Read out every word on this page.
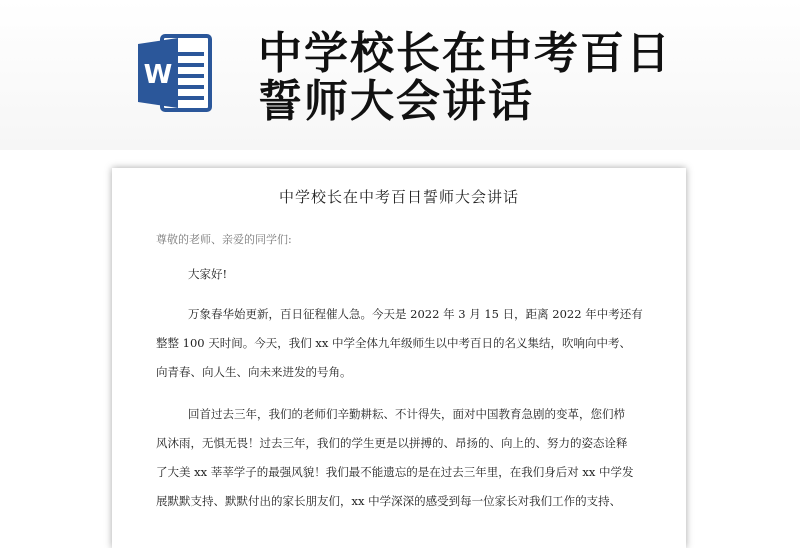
W 中学校长在中考百日
誓师大会讲话
中学校长在中考百日誓师大会讲话
尊敬的老师、亲爱的同学们:
大家好!
万象春华始更新，百日征程催人急。今天是 2022 年 3 月 15 日，距离 2022 年中考还有
整整 100 天时间。今天，我们 xx 中学全体九年级师生以中考百日的名义集结，吹响向中考、
向青春、向人生、向未来进发的号角。
回首过去三年，我们的老师们辛勤耕耘、不计得失，面对中国教育急剧的变革，您们栉
风沐雨，无惧无畏！过去三年，我们的学生更是以拼搏的、昂扬的、向上的、努力的姿态诠释
了大美 xx 莘莘学子的最强风貌！我们最不能遗忘的是在过去三年里，在我们身后对 xx 中学发
展默默支持、默默付出的家长朋友们，xx 中学深深的感受到每一位家长对我们工作的支持、
